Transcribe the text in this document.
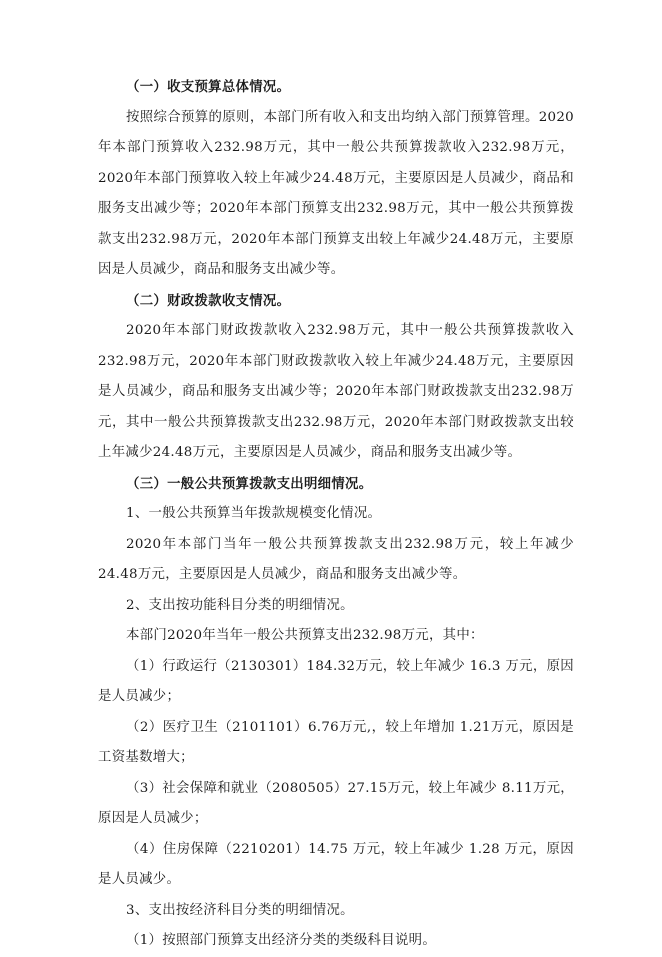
（一）收支预算总体情况。

按照综合预算的原则，本部门所有收入和支出均纳入部门预算管理。2020年本部门预算收入232.98万元，其中一般公共预算拨款收入232.98万元，2020年本部门预算收入较上年减少24.48万元，主要原因是人员减少，商品和服务支出减少等；2020年本部门预算支出232.98万元，其中一般公共预算拨款支出232.98万元，2020年本部门预算支出较上年减少24.48万元，主要原因是人员减少，商品和服务支出减少等。

（二）财政拨款收支情况。

2020年本部门财政拨款收入232.98万元，其中一般公共预算拨款收入232.98万元，2020年本部门财政拨款收入较上年减少24.48万元，主要原因是人员减少，商品和服务支出减少等；2020年本部门财政拨款支出232.98万元，其中一般公共预算拨款支出232.98万元，2020年本部门财政拨款支出较上年减少24.48万元，主要原因是人员减少，商品和服务支出减少等。

（三）一般公共预算拨款支出明细情况。

1、一般公共预算当年拨款规模变化情况。

2020年本部门当年一般公共预算拨款支出232.98万元，较上年减少24.48万元，主要原因是人员减少，商品和服务支出减少等。

2、支出按功能科目分类的明细情况。

本部门2020年当年一般公共预算支出232.98万元，其中：

（1）行政运行（2130301）184.32万元，较上年减少 16.3 万元，原因是人员减少；

（2）医疗卫生（2101101）6.76万元,，较上年增加 1.21万元，原因是工资基数增大；

（3）社会保障和就业（2080505）27.15万元，较上年减少 8.11万元，原因是人员减少；

（4）住房保障（2210201）14.75 万元，较上年减少 1.28 万元，原因是人员减少。

3、支出按经济科目分类的明细情况。

（1）按照部门预算支出经济分类的类级科目说明。
